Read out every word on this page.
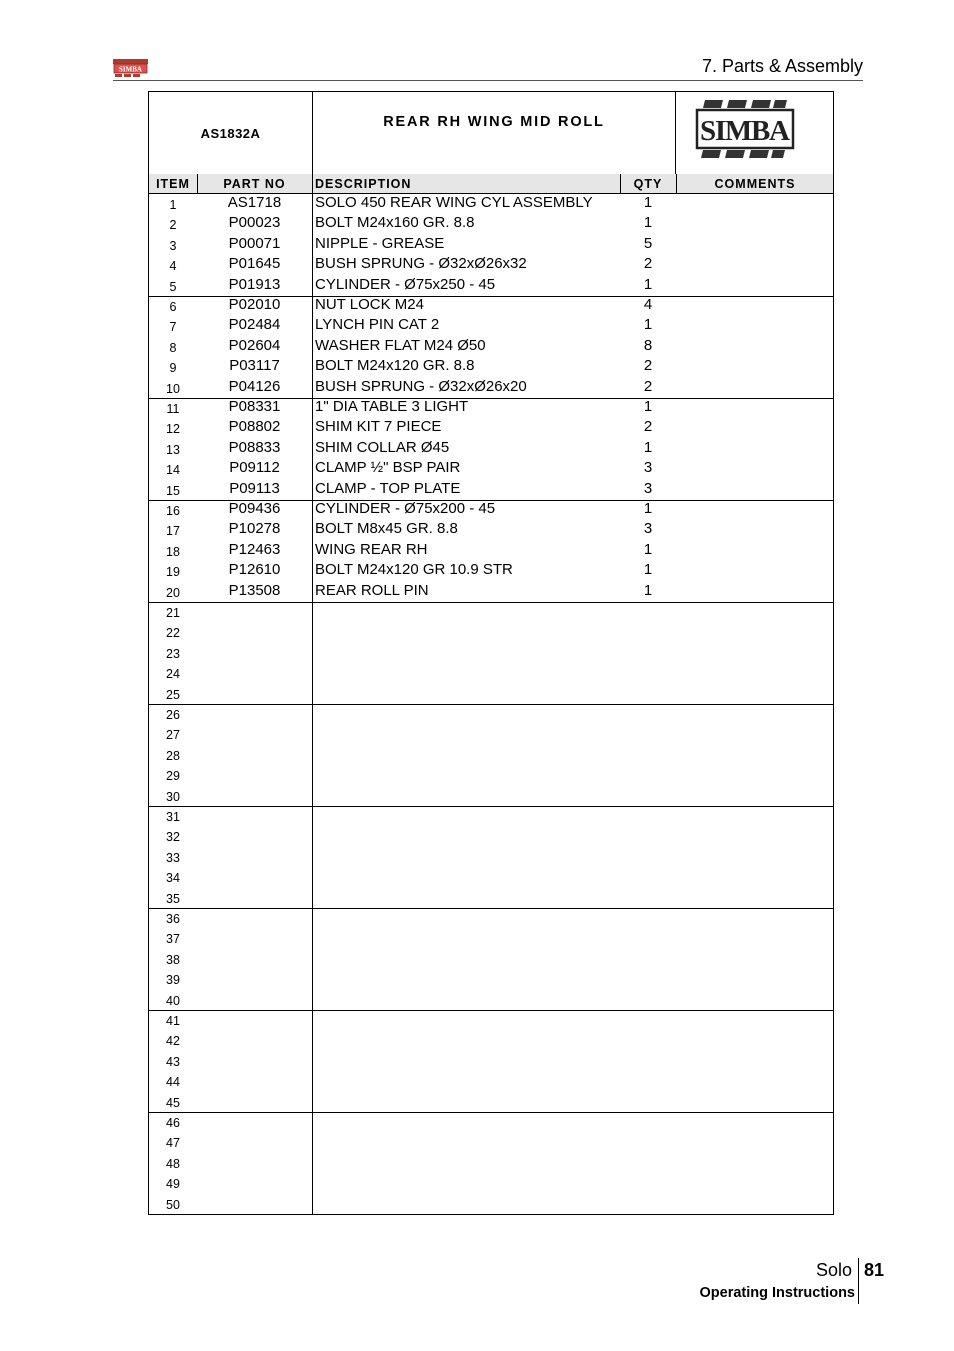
SIMBA	7. Parts & Assembly
AS1832A
REAR RH WING MID ROLL	SIMBA
ITEM	PART NO	DESCRIPTION	QTY	COMMENTS
1	AS1718	SOLO 450 REAR WING CYL ASSEMBLY	1
2	P00023	BOLT M24x160 GR. 8.8	1
3	P00071	NIPPLE - GREASE	5
4	P01645	BUSH SPRUNG - Ø32xØ26x32	2
5	P01913	CYLINDER - Ø75x250 - 45	1
6	P02010	NUT LOCK M24	4
7	P02484	LYNCH PIN CAT 2	1
8	P02604	WASHER FLAT M24 Ø50	8
9	P03117	BOLT M24x120 GR. 8.8	2
10	P04126	BUSH SPRUNG - Ø32xØ26x20	2
11	P08331	1" DIA TABLE 3 LIGHT	1
12	P08802	SHIM KIT 7 PIECE	2
13	P08833	SHIM COLLAR Ø45	1
14	P09112	CLAMP ½" BSP PAIR	3
15	P09113	CLAMP - TOP PLATE	3
16	P09436	CYLINDER - Ø75x200 - 45	1
17	P10278	BOLT M8x45 GR. 8.8	3
18	P12463	WING REAR RH	1
19	P12610	BOLT M24x120 GR 10.9 STR	1
20	P13508	REAR ROLL PIN	1
21
22
23
24
25
26
27
28
29
30
31
32
33
34
35
36
37
38
39
40
41
42
43
44
45
46
47
48
49
50
Solo 81
Operating Instructions
